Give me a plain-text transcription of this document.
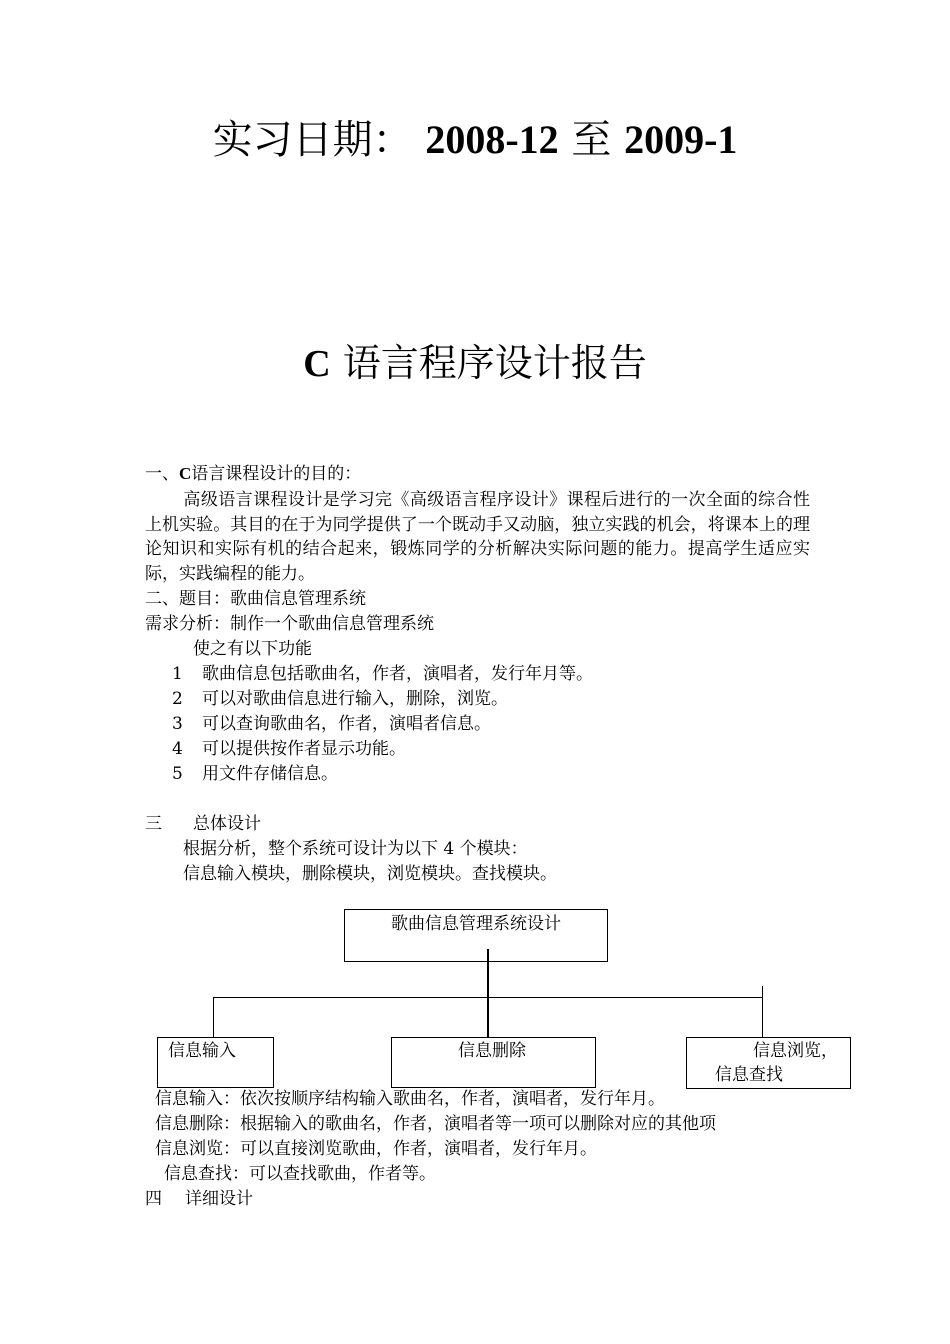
实习日期： 2008-12 至 2009-1
C 语言程序设计报告
一、C语言课程设计的目的：
高级语言课程设计是学习完《高级语言程序设计》课程后进行的一次全面的综合性上机实验。其目的在于为同学提供了一个既动手又动脑，独立实践的机会，将课本上的理论知识和实际有机的结合起来，锻炼同学的分析解决实际问题的能力。提高学生适应实际，实践编程的能力。
二、题目：歌曲信息管理系统
需求分析：制作一个歌曲信息管理系统
使之有以下功能
1 歌曲信息包括歌曲名，作者，演唱者，发行年月等。
2 可以对歌曲信息进行输入，删除，浏览。
3 可以查询歌曲名，作者，演唱者信息。
4 可以提供按作者显示功能。
5 用文件存储信息。
三 总体设计
根据分析，整个系统可设计为以下 4 个模块：
信息输入模块，删除模块，浏览模块。查找模块。
歌曲信息管理系统设计
信息输入	信息删除	信息浏览，
信息查找
信息输入：依次按顺序结构输入歌曲名，作者，演唱者，发行年月。
信息删除：根据输入的歌曲名，作者，演唱者等一项可以删除对应的其他项
信息浏览：可以直接浏览歌曲，作者，演唱者，发行年月。
信息查找：可以查找歌曲，作者等。
四 详细设计
